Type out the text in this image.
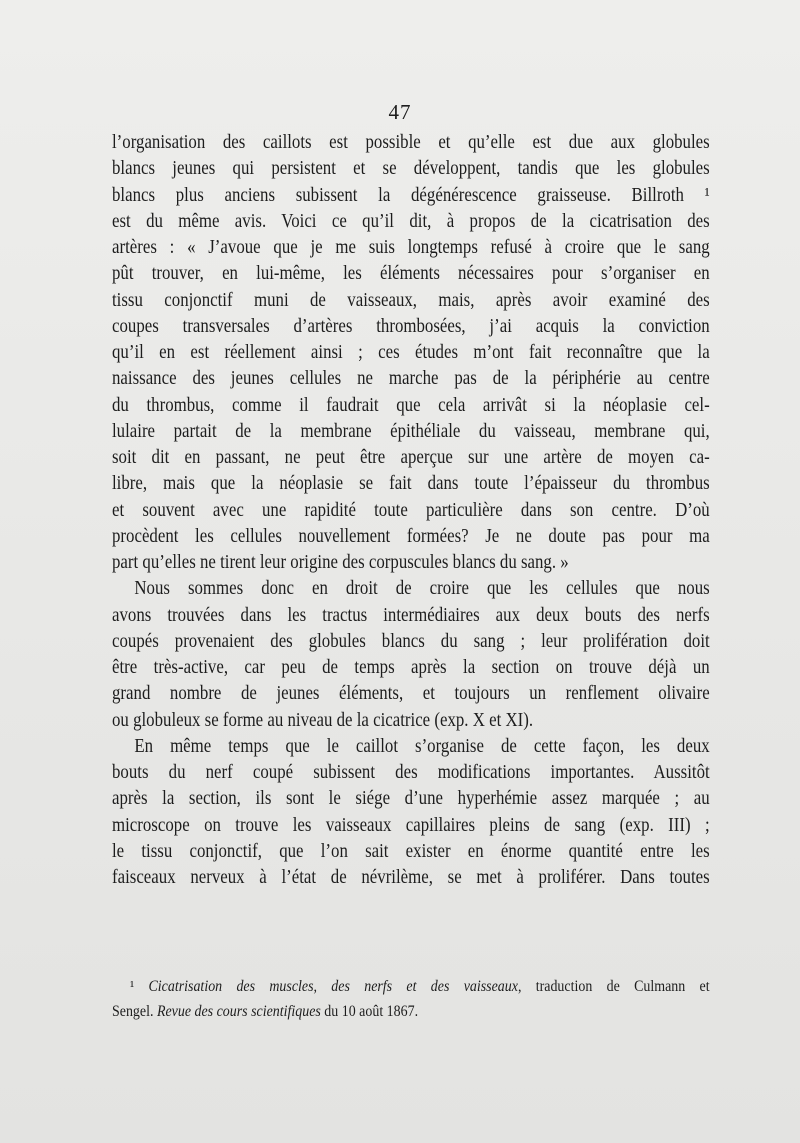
47
l’organisation des caillots est possible et qu’elle est due aux globules
blancs jeunes qui persistent et se développent, tandis que les globules
blancs plus anciens subissent la dégénérescence graisseuse. Billroth ¹
est du même avis. Voici ce qu’il dit, à propos de la cicatrisation des
artères : « J’avoue que je me suis longtemps refusé à croire que le sang
pût trouver, en lui-même, les éléments nécessaires pour s’organiser en
tissu conjonctif muni de vaisseaux, mais, après avoir examiné des
coupes transversales d’artères thrombosées, j’ai acquis la conviction
qu’il en est réellement ainsi ; ces études m’ont fait reconnaître que la
naissance des jeunes cellules ne marche pas de la périphérie au centre
du thrombus, comme il faudrait que cela arrivât si la néoplasie cel-
lulaire partait de la membrane épithéliale du vaisseau, membrane qui,
soit dit en passant, ne peut être aperçue sur une artère de moyen ca-
libre, mais que la néoplasie se fait dans toute l’épaisseur du thrombus
et souvent avec une rapidité toute particulière dans son centre. D’où
procèdent les cellules nouvellement formées? Je ne doute pas pour ma
part qu’elles ne tirent leur origine des corpuscules blancs du sang. »
Nous sommes donc en droit de croire que les cellules que nous
avons trouvées dans les tractus intermédiaires aux deux bouts des nerfs
coupés provenaient des globules blancs du sang ; leur prolifération doit
être très-active, car peu de temps après la section on trouve déjà un
grand nombre de jeunes éléments, et toujours un renflement olivaire
ou globuleux se forme au niveau de la cicatrice (exp. X et XI).
En même temps que le caillot s’organise de cette façon, les deux
bouts du nerf coupé subissent des modifications importantes. Aussitôt
après la section, ils sont le siége d’une hyperhémie assez marquée ; au
microscope on trouve les vaisseaux capillaires pleins de sang (exp. III) ;
le tissu conjonctif, que l’on sait exister en énorme quantité entre les
faisceaux nerveux à l’état de névrilème, se met à proliférer. Dans toutes
¹ Cicatrisation des muscles, des nerfs et des vaisseaux, traduction de Culmann et
Sengel. Revue des cours scientifiques du 10 août 1867.
